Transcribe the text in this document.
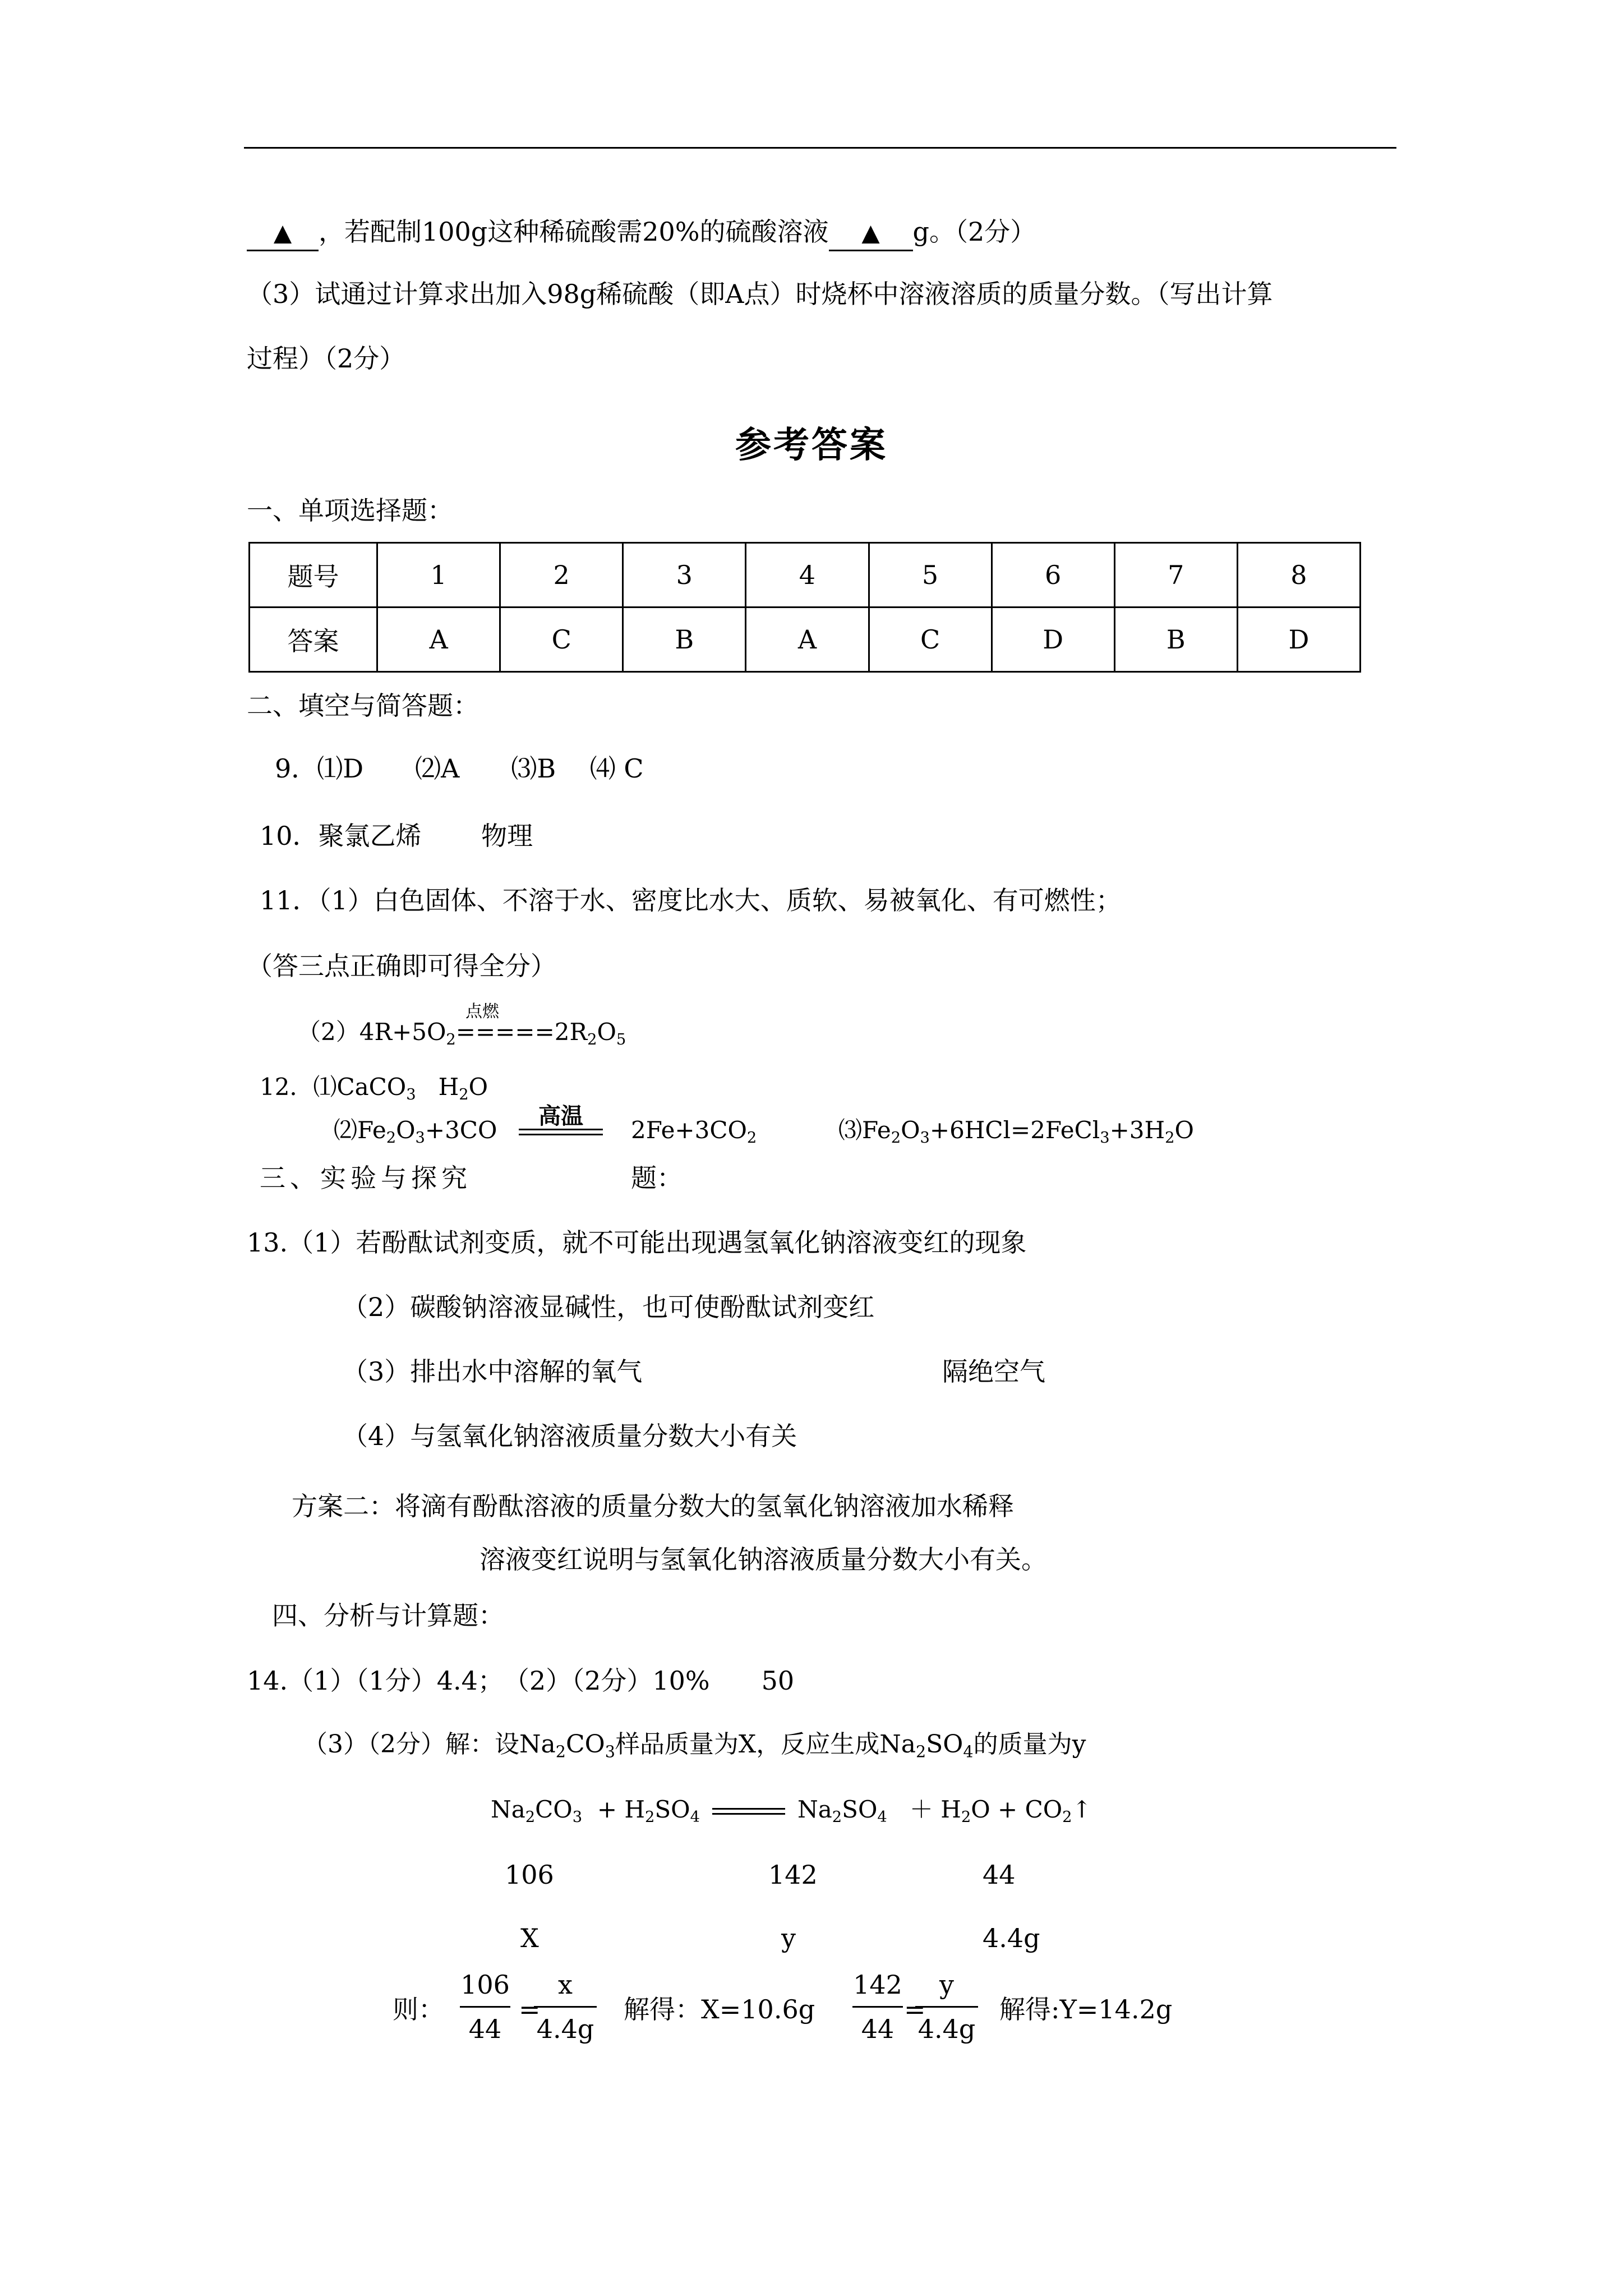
▲ ，若配制100g这种稀硫酸需20%的硫酸溶液 ▲ g。（2分）
（3）试通过计算求出加入98g稀硫酸（即A点）时烧杯中溶液溶质的质量分数。（写出计算
过程）（2分）
参考答案
一、单项选择题：
题号	1	2	3	4	5	6	7	8
答案	A	C	B	A	C	D	B	D
二、填空与简答题：
9．⑴D　　⑵A　　⑶B　 ⑷ C
10．聚氯乙烯　　 物理
11．（1）白色固体、不溶于水、密度比水大、质软、易被氧化、有可燃性；
（答三点正确即可得全分）
点燃
$(2)4R+5O_2=====2R_2O_5$
12．⑴CaCO$_3$ $H_2O$
$⑵Fe_2O_3+3CO$
高温
$2Fe+3CO_2$	$⑶Fe_2O_3+6HCl=2FeCl_3+3H_2O$
三、实验与探究	题：
13.（1）若酚酞试剂变质，就不可能出现遇氢氧化钠溶液变红的现象
（2）碳酸钠溶液显碱性，也可使酚酞试剂变红
（3）排出水中溶解的氧气	隔绝空气
（4）与氢氧化钠溶液质量分数大小有关
方案二：将滴有酚酞溶液的质量分数大的氢氧化钠溶液加水稀释
溶液变红说明与氢氧化钠溶液质量分数大小有关。
四、分析与计算题：
14.（1）（1分）4.4；　（2）（2分）10%　　50
（3）（2分）解：设$Na_2CO_3$样品质量为X，反应生成$Na_2SO_4$的质量为y
$Na_2CO_3 + H_2SO_4$	$Na_2SO_4 + H_2O$ + $CO_2↑$
106	142	44
X	y	4.4g
则： $\frac{106}{44}$ =
$\frac{x}{4.4g}$ 解得：$X=10.6g \frac{142}{44}$ =
$\frac{y}{4.4g}$ 解得:Y=14.2g
